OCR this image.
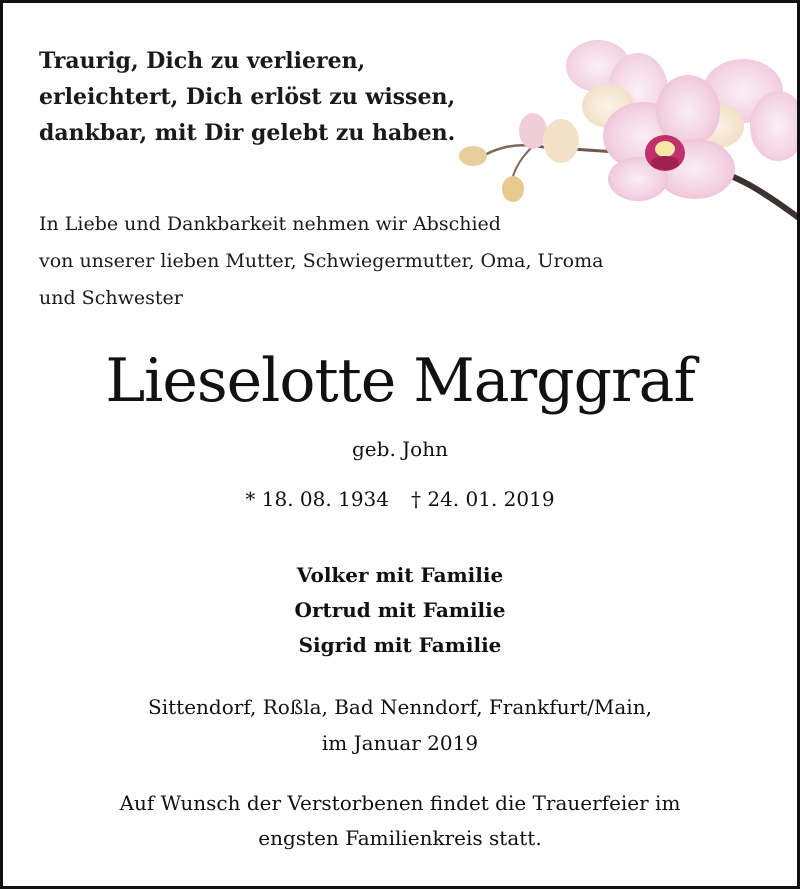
Traurig, Dich zu verlieren,
erleichtert, Dich erlöst zu wissen,
dankbar, mit Dir gelebt zu haben.
In Liebe und Dankbarkeit nehmen wir Abschied
von unserer lieben Mutter, Schwiegermutter, Oma, Uroma
und Schwester
Lieselotte Marggraf
geb. John
* 18. 08. 1934 † 24. 01. 2019
Volker mit Familie
Ortrud mit Familie
Sigrid mit Familie
Sittendorf, Roßla, Bad Nenndorf, Frankfurt/Main,
im Januar 2019
Auf Wunsch der Verstorbenen findet die Trauerfeier im
engsten Familienkreis statt.
